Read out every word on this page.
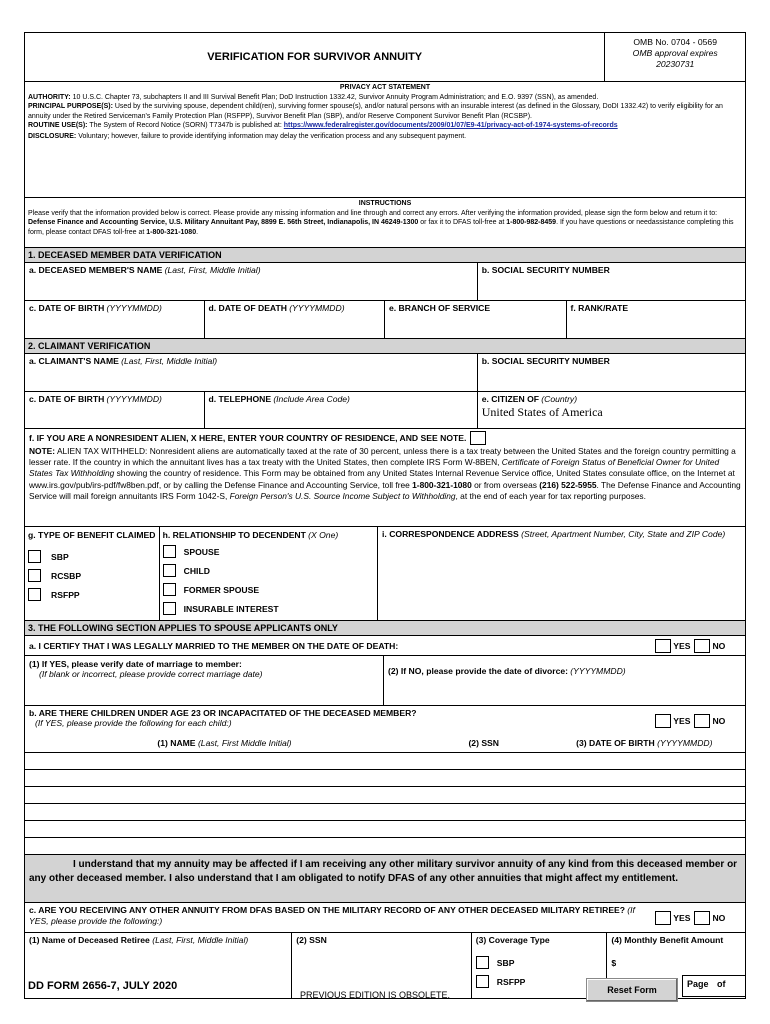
VERIFICATION FOR SURVIVOR ANNUITY
OMB No. 0704 - 0569
OMB approval expires
20230731
PRIVACY ACT STATEMENT
AUTHORITY: 10 U.S.C. Chapter 73, subchapters II and III Survival Benefit Plan; DoD Instruction 1332.42, Survivor Annuity Program Administration; and E.O. 9397 (SSN), as amended.
PRINCIPAL PURPOSE(S): Used by the surviving spouse, dependent child(ren), surviving former spouse(s), and/or natural persons with an insurable interest (as defined in the Glossary, DoDI 1332.42) to verify eligibility for an annuity under the Retired Serviceman's Family Protection Plan (RSFPP), Survivor Benefit Plan (SBP), and/or Reserve Component Survivor Benefit Plan (RCSBP).
ROUTINE USE(S): The System of Record Notice (SORN) T7347b is published at: https://www.federalregister.gov/documents/2009/01/07/E9-41/privacy-act-of-1974-systems-of-records
DISCLOSURE: Voluntary; however, failure to provide identifying information may delay the verification process and any subsequent payment.
INSTRUCTIONS
Please verify that the information provided below is correct. Please provide any missing information and line through and correct any errors. After verifying the information provided, please sign the form below and return it to: Defense Finance and Accounting Service, U.S. Military Annuitant Pay, 8899 E. 56th Street, Indianapolis, IN 46249-1300 or fax it to DFAS toll-free at 1-800-982-8459. If you have questions or needassistance completing this form, please contact DFAS toll-free at 1-800-321-1080.
1. DECEASED MEMBER DATA VERIFICATION
a. DECEASED MEMBER'S NAME (Last, First, Middle Initial)	b. SOCIAL SECURITY NUMBER
c. DATE OF BIRTH (YYYYMMDD)	d. DATE OF DEATH (YYYYMMDD)	e. BRANCH OF SERVICE	f. RANK/RATE
2. CLAIMANT VERIFICATION
a. CLAIMANT'S NAME (Last, First, Middle Initial)	b. SOCIAL SECURITY NUMBER
c. DATE OF BIRTH (YYYYMMDD)	d. TELEPHONE (Include Area Code)	e. CITIZEN OF (Country)
United States of America
f. IF YOU ARE A NONRESIDENT ALIEN, X HERE, ENTER YOUR COUNTRY OF RESIDENCE, AND SEE NOTE.
NOTE: ALIEN TAX WITHHELD: Nonresident aliens are automatically taxed at the rate of 30 percent, unless there is a tax treaty between the United States and the foreign country permitting a lesser rate. If the country in which the annuitant lives has a tax treaty with the United States, then complete IRS Form W-8BEN, Certificate of Foreign Status of Beneficial Owner for United States Tax Withholding showing the country of residence. This Form may be obtained from any United States Internal Revenue Service office, United States consulate office, on the Internet at www.irs.gov/pub/irs-pdf/fw8ben.pdf, or by calling the Defense Finance and Accounting Service, toll free 1-800-321-1080 or from overseas (216) 522-5955. The Defense Finance and Accounting Service will mail foreign annuitants IRS Form 1042-S, Foreign Person's U.S. Source Income Subject to Withholding, at the end of each year for tax reporting purposes.
g. TYPE OF BENEFIT CLAIMED
SBP
RCSBP
RSFPP
h. RELATIONSHIP TO DECENDENT (X One)
SPOUSE
CHILD
FORMER SPOUSE
INSURABLE INTEREST
i. CORRESPONDENCE ADDRESS (Street, Apartment Number, City, State and ZIP Code)
3. THE FOLLOWING SECTION APPLIES TO SPOUSE APPLICANTS ONLY
a. I CERTIFY THAT I WAS LEGALLY MARRIED TO THE MEMBER ON THE DATE OF DEATH:	YES	NO
(1) If YES, please verify date of marriage to member:
(If blank or incorrect, please provide correct marriage date)	(2) If NO, please provide the date of divorce: (YYYYMMDD)
b. ARE THERE CHILDREN UNDER AGE 23 OR INCAPACITATED OF THE DECEASED MEMBER?
(If YES, please provide the following for each child:)	YES	NO
(1) NAME (Last, First Middle Initial)	(2) SSN	(3) DATE OF BIRTH (YYYYMMDD)
I understand that my annuity may be affected if I am receiving any other military survivor annuity of any kind from this deceased member or any other deceased member. I also understand that I am obligated to notify DFAS of any other annuities that might affect my entitlement.
c. ARE YOU RECEIVING ANY OTHER ANNUITY FROM DFAS BASED ON THE MILITARY RECORD OF ANY OTHER DECEASED MILITARY RETIREE? (If YES, please provide the following:)	YES	NO
(1) Name of Deceased Retiree (Last, First, Middle Initial)	(2) SSN	(3) Coverage Type
SBP
RSFPP
(4) Monthly Benefit Amount
$
DD FORM 2656-7, JULY 2020
PREVIOUS EDITION IS OBSOLETE.	Reset Form
Page of
